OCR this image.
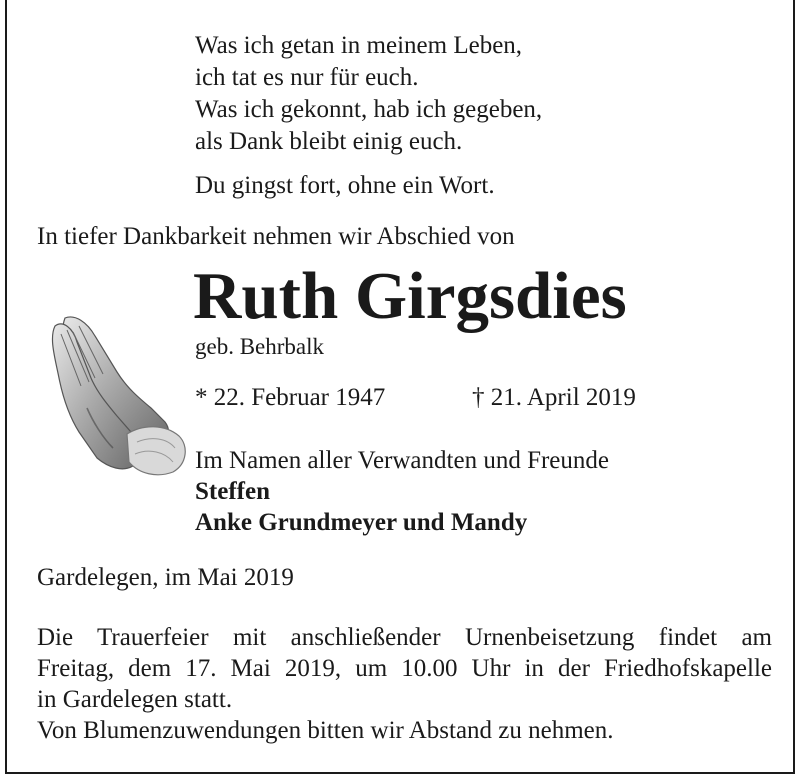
Was ich getan in meinem Leben,
ich tat es nur für euch.
Was ich gekonnt, hab ich gegeben,
als Dank bleibt einig euch.
Du gingst fort, ohne ein Wort.
In tiefer Dankbarkeit nehmen wir Abschied von
Ruth Girgsdies
geb. Behrbalk
* 22. Februar 1947	† 21. April 2019
Im Namen aller Verwandten und Freunde
Steffen
Anke Grundmeyer und Mandy
Gardelegen, im Mai 2019
Die Trauerfeier mit anschließender Urnenbeisetzung findet am
Freitag, dem 17. Mai 2019, um 10.00 Uhr in der Friedhofskapelle
in Gardelegen statt.
Von Blumenzuwendungen bitten wir Abstand zu nehmen.
